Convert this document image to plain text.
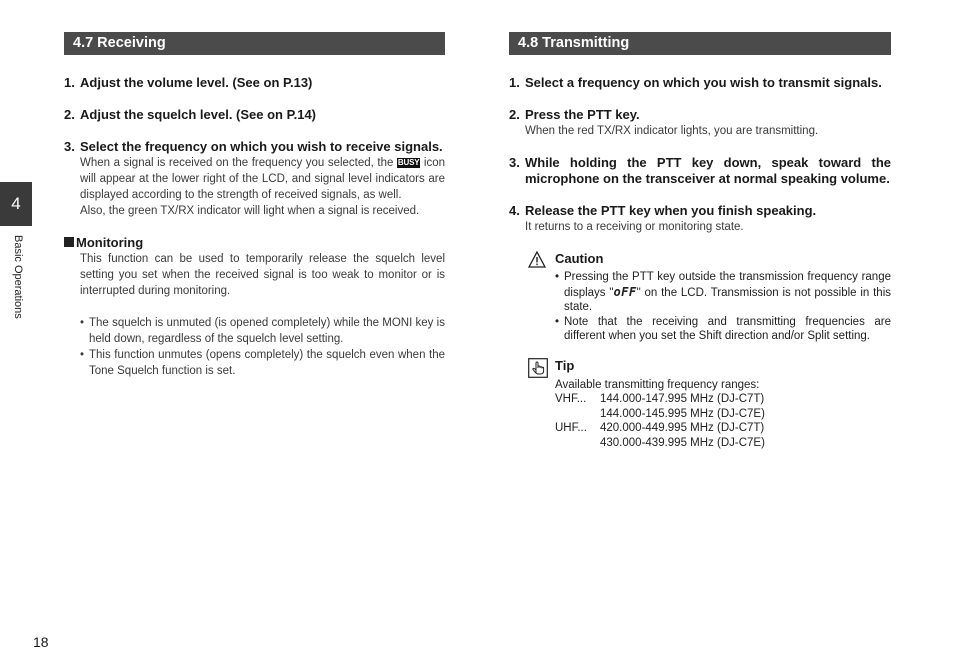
4
Basic Operations
18
4.7 Receiving
1. Adjust the volume level. (See on P.13)
2. Adjust the squelch level. (See on P.14)
3. Select the frequency on which you wish to receive signals.
When a signal is received on the frequency you selected, the BUSY icon will appear at the lower right of the LCD, and signal level indicators are displayed according to the strength of received signals, as well.
Also, the green TX/RX indicator will light when a signal is received.
Monitoring
This function can be used to temporarily release the squelch level setting you set when the received signal is too weak to monitor or is interrupted during monitoring.
• The squelch is unmuted (is opened completely) while the MONI key is held down, regardless of the squelch level setting.
• This function unmutes (opens completely) the squelch even when the Tone Squelch function is set.
4.8 Transmitting
1. Select a frequency on which you wish to transmit signals.
2. Press the PTT key.
When the red TX/RX indicator lights, you are transmitting.
3. While holding the PTT key down, speak toward the microphone on the transceiver at normal speaking volume.
4. Release the PTT key when you finish speaking.
It returns to a receiving or monitoring state.
Caution
• Pressing the PTT key outside the transmission frequency range displays "oFF" on the LCD. Transmission is not possible in this state.
• Note that the receiving and transmitting frequencies are different when you set the Shift direction and/or Split setting.
Tip
Available transmitting frequency ranges:
VHF...	144.000-147.995 MHz (DJ-C7T)
144.000-145.995 MHz (DJ-C7E)
UHF...	420.000-449.995 MHz (DJ-C7T)
430.000-439.995 MHz (DJ-C7E)
